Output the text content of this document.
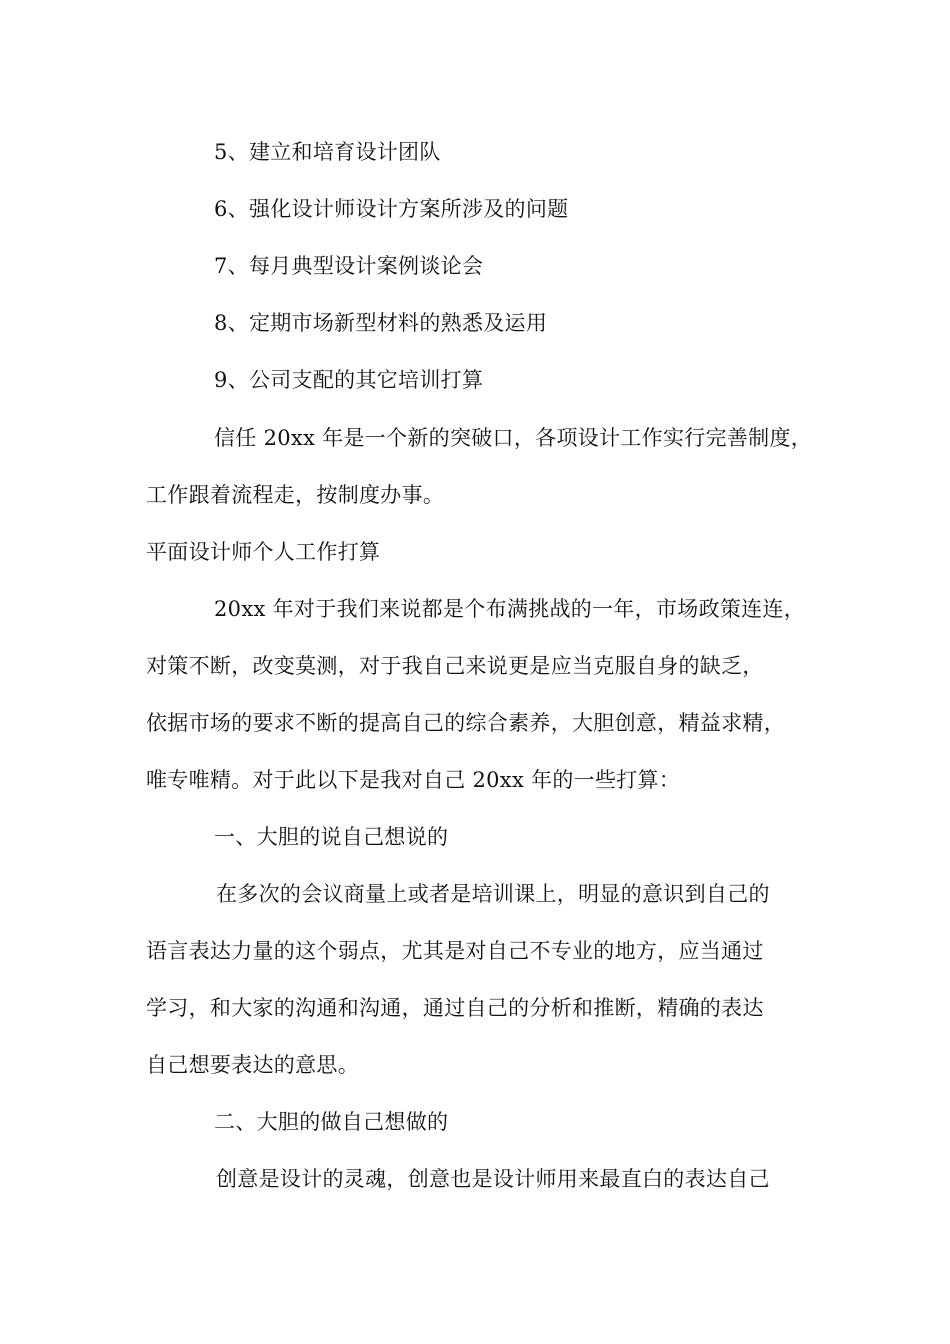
5、建立和培育设计团队
6、强化设计师设计方案所涉及的问题
7、每月典型设计案例谈论会
8、定期市场新型材料的熟悉及运用
9、公司支配的其它培训打算
信任 20xx 年是一个新的突破口，各项设计工作实行完善制度，
工作跟着流程走，按制度办事。
平面设计师个人工作打算
20xx 年对于我们来说都是个布满挑战的一年，市场政策连连，
对策不断，改变莫测，对于我自己来说更是应当克服自身的缺乏，
依据市场的要求不断的提高自己的综合素养，大胆创意，精益求精，
唯专唯精。对于此以下是我对自己 20xx 年的一些打算：
一、大胆的说自己想说的
在多次的会议商量上或者是培训课上，明显的意识到自己的
语言表达力量的这个弱点，尤其是对自己不专业的地方，应当通过
学习，和大家的沟通和沟通，通过自己的分析和推断，精确的表达
自己想要表达的意思。
二、大胆的做自己想做的
创意是设计的灵魂，创意也是设计师用来最直白的表达自己
